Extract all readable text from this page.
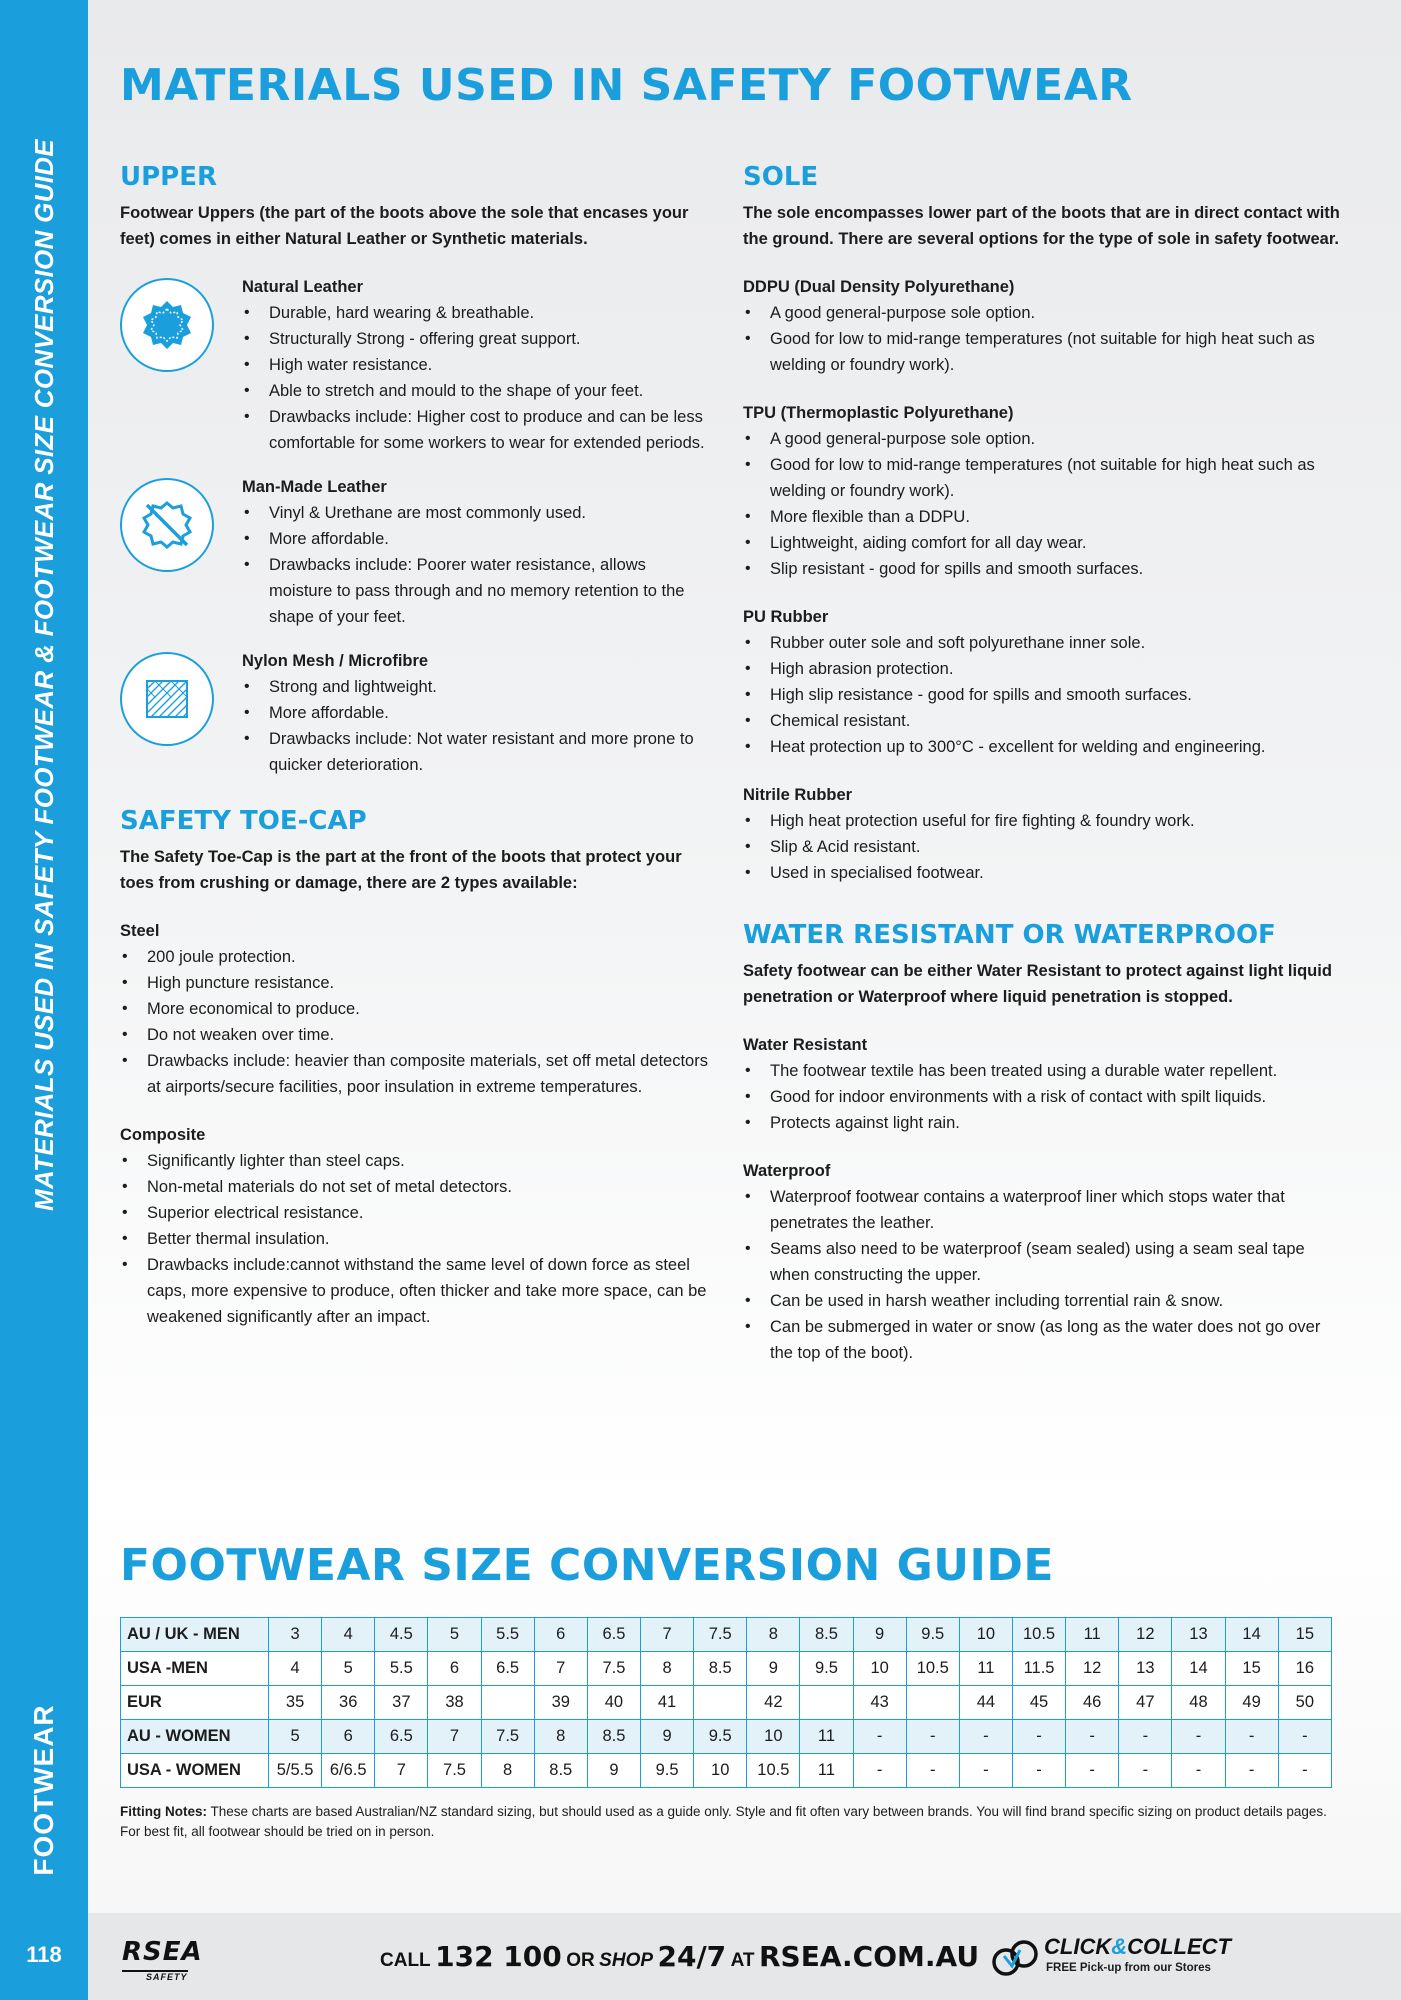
MATERIALS USED IN SAFETY FOOTWEAR & FOOTWEAR SIZE CONVERSION GUIDE
FOOTWEAR
118
MATERIALS USED IN SAFETY FOOTWEAR
UPPER

Footwear Uppers (the part of the boots above the sole that encases your feet) comes in either Natural Leather or Synthetic materials.

Natural Leather
• Durable, hard wearing & breathable.
• Structurally Strong - offering great support.
• High water resistance.
• Able to stretch and mould to the shape of your feet.
• Drawbacks include: Higher cost to produce and can be less comfortable for some workers to wear for extended periods.
Man-Made Leather
• Vinyl & Urethane are most commonly used.
• More affordable.
• Drawbacks include: Poorer water resistance, allows moisture to pass through and no memory retention to the shape of your feet.
Nylon Mesh / Microfibre
• Strong and lightweight.
• More affordable.
• Drawbacks include: Not water resistant and more prone to quicker deterioration.
SAFETY TOE-CAP

The Safety Toe-Cap is the part at the front of the boots that protect your toes from crushing or damage, there are 2 types available:

Steel
• 200 joule protection.
• High puncture resistance.
• More economical to produce.
• Do not weaken over time.
• Drawbacks include: heavier than composite materials, set off metal detectors at airports/secure facilities, poor insulation in extreme temperatures.
Composite
• Significantly lighter than steel caps.
• Non-metal materials do not set of metal detectors.
• Superior electrical resistance.
• Better thermal insulation.
• Drawbacks include:cannot withstand the same level of down force as steel caps, more expensive to produce, often thicker and take more space, can be weakened significantly after an impact.
SOLE

The sole encompasses lower part of the boots that are in direct contact with the ground. There are several options for the type of sole in safety footwear.

DDPU (Dual Density Polyurethane)
• A good general-purpose sole option.
• Good for low to mid-range temperatures (not suitable for high heat such as welding or foundry work).
TPU (Thermoplastic Polyurethane)
• A good general-purpose sole option.
• Good for low to mid-range temperatures (not suitable for high heat such as welding or foundry work).
• More flexible than a DDPU.
• Lightweight, aiding comfort for all day wear.
• Slip resistant - good for spills and smooth surfaces.
PU Rubber
• Rubber outer sole and soft polyurethane inner sole.
• High abrasion protection.
• High slip resistance - good for spills and smooth surfaces.
• Chemical resistant.
• Heat protection up to 300°C - excellent for welding and engineering.
Nitrile Rubber
• High heat protection useful for fire fighting & foundry work.
• Slip & Acid resistant.
• Used in specialised footwear.
WATER RESISTANT OR WATERPROOF

Safety footwear can be either Water Resistant to protect against light liquid penetration or Waterproof where liquid penetration is stopped.

Water Resistant
• The footwear textile has been treated using a durable water repellent.
• Good for indoor environments with a risk of contact with spilt liquids.
• Protects against light rain.
Waterproof
• Waterproof footwear contains a waterproof liner which stops water that penetrates the leather.
• Seams also need to be waterproof (seam sealed) using a seam seal tape when constructing the upper.
• Can be used in harsh weather including torrential rain & snow.
• Can be submerged in water or snow (as long as the water does not go over the top of the boot).
FOOTWEAR SIZE CONVERSION GUIDE
AU / UK - MEN	3	4	4.5	5	5.5	6	6.5	7	7.5	8	8.5	9	9.5	10	10.5	11	12	13	14	15
USA -MEN	4	5	5.5	6	6.5	7	7.5	8	8.5	9	9.5	10	10.5	11	11.5	12	13	14	15	16
EUR	35	36	37	38		39	40	41		42		43		44	45	46	47	48	49	50
AU - WOMEN	5	6	6.5	7	7.5	8	8.5	9	9.5	10	11	-	-	-	-	-	-	-	-	-
USA - WOMEN	5/5.5	6/6.5	7	7.5	8	8.5	9	9.5	10	10.5	11	-	-	-	-	-	-	-	-	-

Fitting Notes: These charts are based Australian/NZ standard sizing, but should used as a guide only. Style and fit often vary between brands. You will find brand specific sizing on product details pages. For best fit, all footwear should be tried on in person.

RSEA
SAFETY
CALL 132 100 OR SHOP 24/7 AT RSEA.COM.AU	CLICK&COLLECT
FREE Pick-up from our Stores
